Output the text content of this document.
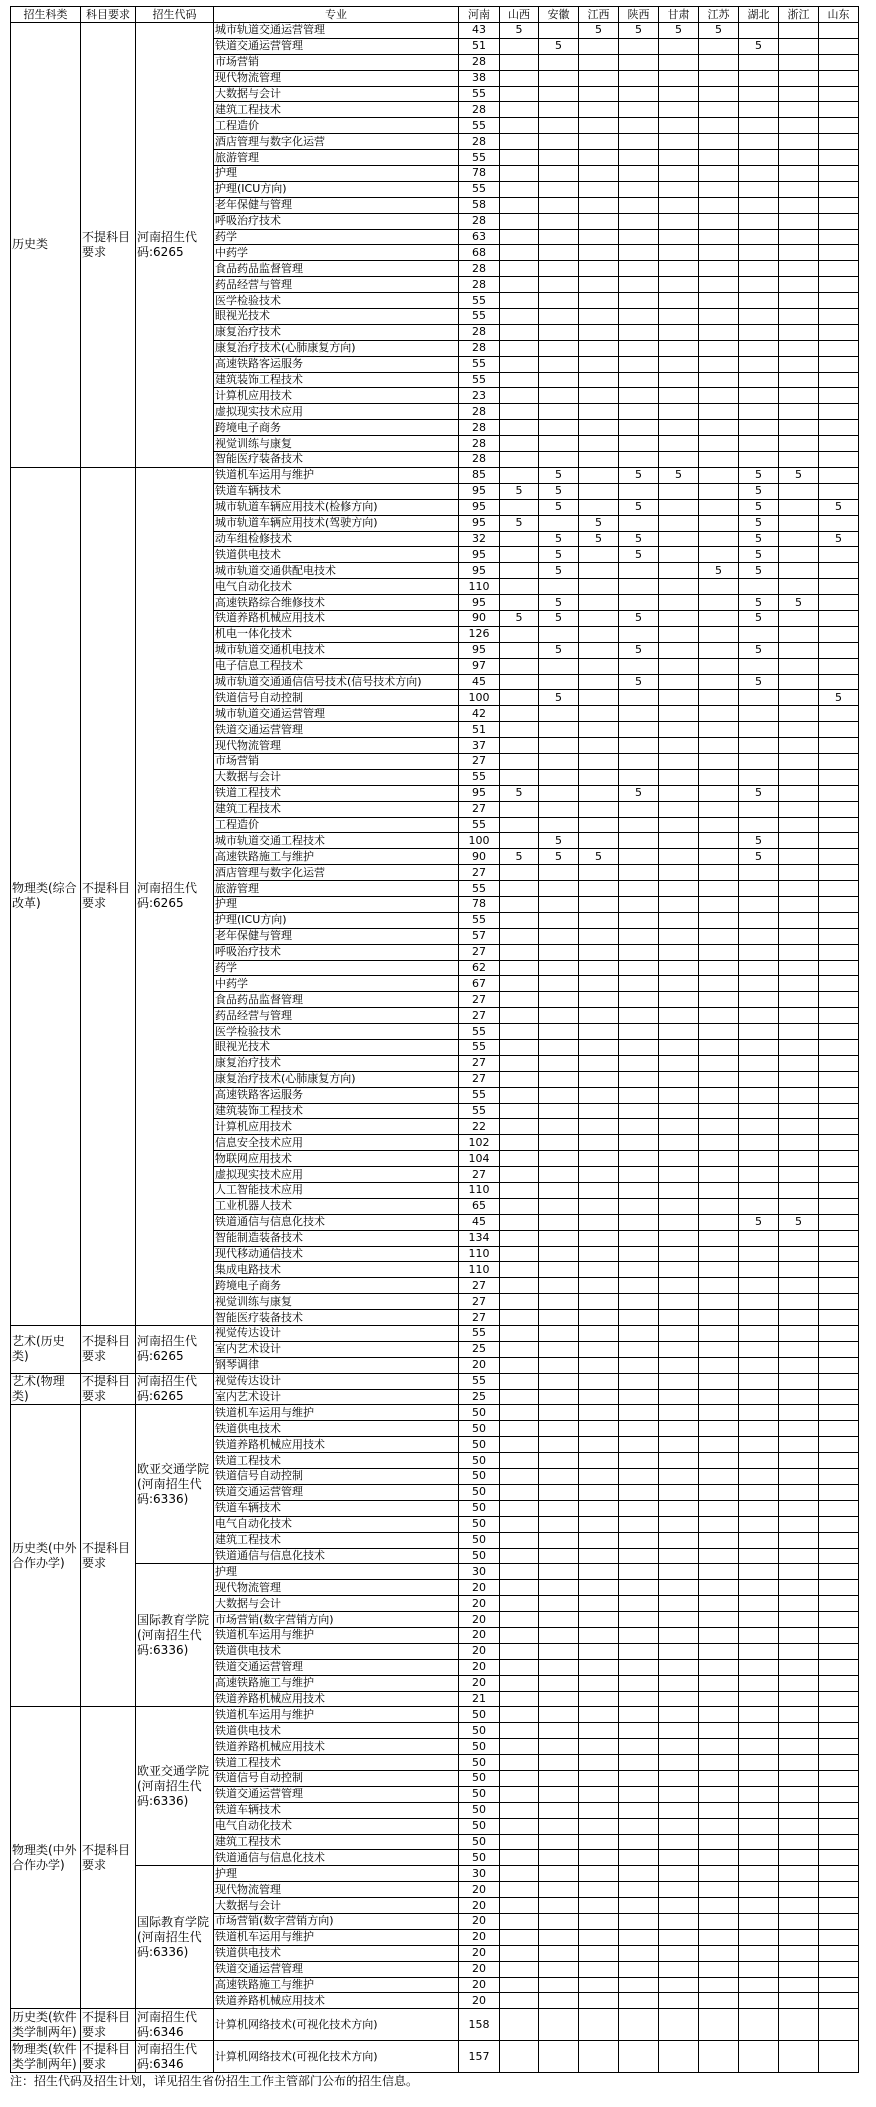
招生科类	科目要求	招生代码	专业	河南	山西	安徽	江西	陕西	甘肃	江苏	湖北	浙江	山东
历史类	不提科目要求	河南招生代码:6265	城市轨道交通运营管理	43	5		5	5	5	5			
			铁道交通运营管理	51		5					5		
			市场营销	28									
			现代物流管理	38									
			大数据与会计	55									
			建筑工程技术	28									
			工程造价	55									
			酒店管理与数字化运营	28									
			旅游管理	55									
			护理	78									
			护理(ICU方向)	55									
			老年保健与管理	58									
			呼吸治疗技术	28									
			药学	63									
			中药学	68									
			食品药品监督管理	28									
			药品经营与管理	28									
			医学检验技术	55									
			眼视光技术	55									
			康复治疗技术	28									
			康复治疗技术(心肺康复方向)	28									
			高速铁路客运服务	55									
			建筑装饰工程技术	55									
			计算机应用技术	23									
			虚拟现实技术应用	28									
			跨境电子商务	28									
			视觉训练与康复	28									
			智能医疗装备技术	28									
物理类(综合改革)	不提科目要求	河南招生代码:6265	铁道机车运用与维护	85		5		5	5		5	5	
			铁道车辆技术	95	5	5					5		
			城市轨道车辆应用技术(检修方向)	95		5		5			5		5
			城市轨道车辆应用技术(驾驶方向)	95	5		5				5		
			动车组检修技术	32		5	5	5			5		5
			铁道供电技术	95		5		5			5		
			城市轨道交通供配电技术	95		5				5	5		
			电气自动化技术	110									
			高速铁路综合维修技术	95		5					5	5	
			铁道养路机械应用技术	90	5	5		5			5		
			机电一体化技术	126									
			城市轨道交通机电技术	95		5		5			5		
			电子信息工程技术	97									
			城市轨道交通通信信号技术(信号技术方向)	45				5			5		
			铁道信号自动控制	100		5							5
			城市轨道交通运营管理	42									
			铁道交通运营管理	51									
			现代物流管理	37									
			市场营销	27									
			大数据与会计	55									
			铁道工程技术	95	5			5			5		
			建筑工程技术	27									
			工程造价	55									
			城市轨道交通工程技术	100		5					5		
			高速铁路施工与维护	90	5	5	5				5		
			酒店管理与数字化运营	27									
			旅游管理	55									
			护理	78									
			护理(ICU方向)	55									
			老年保健与管理	57									
			呼吸治疗技术	27									
			药学	62									
			中药学	67									
			食品药品监督管理	27									
			药品经营与管理	27									
			医学检验技术	55									
			眼视光技术	55									
			康复治疗技术	27									
			康复治疗技术(心肺康复方向)	27									
			高速铁路客运服务	55									
			建筑装饰工程技术	55									
			计算机应用技术	22									
			信息安全技术应用	102									
			物联网应用技术	104									
			虚拟现实技术应用	27									
			人工智能技术应用	110									
			工业机器人技术	65									
			铁道通信与信息化技术	45							5	5	
			智能制造装备技术	134									
			现代移动通信技术	110									
			集成电路技术	110									
			跨境电子商务	27									
			视觉训练与康复	27									
			智能医疗装备技术	27									
艺术(历史类)	不提科目要求	河南招生代码:6265	视觉传达设计	55									
			室内艺术设计	25									
			钢琴调律	20									
艺术(物理类)	不提科目要求	河南招生代码:6265	视觉传达设计	55									
			室内艺术设计	25									
历史类(中外合作办学)	不提科目要求	欧亚交通学院(河南招生代码:6336)	铁道机车运用与维护	50									
			铁道供电技术	50									
			铁道养路机械应用技术	50									
			铁道工程技术	50									
			铁道信号自动控制	50									
			铁道交通运营管理	50									
			铁道车辆技术	50									
			电气自动化技术	50									
			建筑工程技术	50									
			铁道通信与信息化技术	50									
		国际教育学院(河南招生代码:6336)	护理	30									
			现代物流管理	20									
			大数据与会计	20									
			市场营销(数字营销方向)	20									
			铁道机车运用与维护	20									
			铁道供电技术	20									
			铁道交通运营管理	20									
			高速铁路施工与维护	20									
			铁道养路机械应用技术	21									
物理类(中外合作办学)	不提科目要求	欧亚交通学院(河南招生代码:6336)	铁道机车运用与维护	50									
			铁道供电技术	50									
			铁道养路机械应用技术	50									
			铁道工程技术	50									
			铁道信号自动控制	50									
			铁道交通运营管理	50									
			铁道车辆技术	50									
			电气自动化技术	50									
			建筑工程技术	50									
			铁道通信与信息化技术	50									
		国际教育学院(河南招生代码:6336)	护理	30									
			现代物流管理	20									
			大数据与会计	20									
			市场营销(数字营销方向)	20									
			铁道机车运用与维护	20									
			铁道供电技术	20									
			铁道交通运营管理	20									
			高速铁路施工与维护	20									
			铁道养路机械应用技术	20									
历史类(软件类学制两年)	不提科目要求	河南招生代码:6346	计算机网络技术(可视化技术方向)	158									
物理类(软件类学制两年)	不提科目要求	河南招生代码:6346	计算机网络技术(可视化技术方向)	157									
注：招生代码及招生计划，详见招生省份招生工作主管部门公布的招生信息。
